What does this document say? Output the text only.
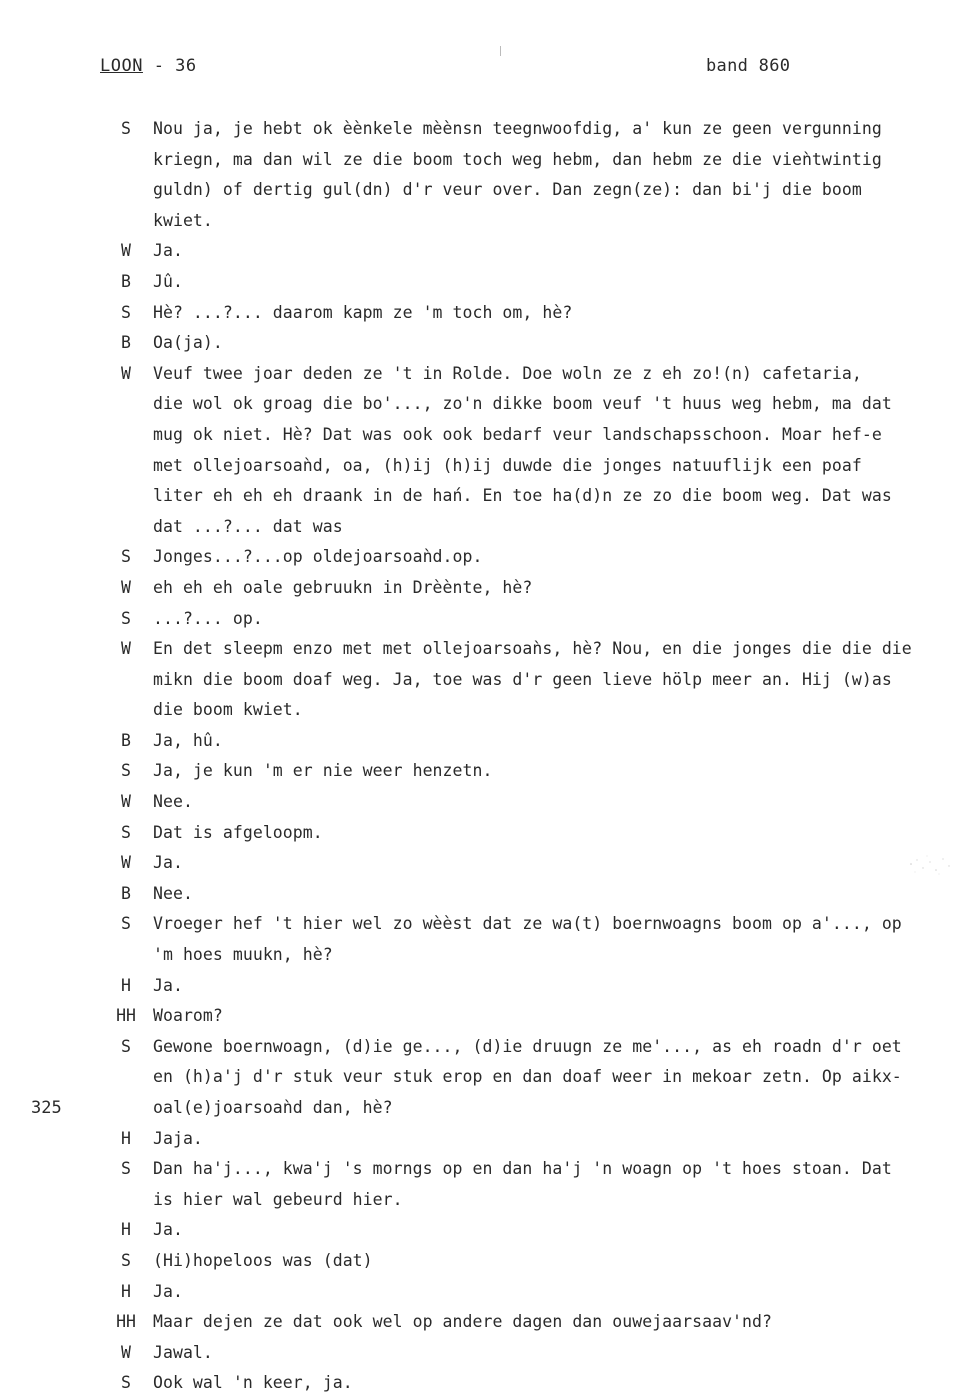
LOON - 36	band 860
325
S	Nou ja, je hebt ok èènkele mèènsn teegnwoofdig, a' kun ze geen vergunning
kriegn, ma dan wil ze die boom toch weg hebm, dan hebm ze die vieǹtwintig
guldn) of dertig gul(dn) d'r veur over. Dan zegn(ze): dan bi'j die boom
kwiet.
W	Ja.
B	Jû.
S	Hè? ...?... daarom kapm ze 'm toch om, hè?
B	Oa(ja).
W	Veuf twee joar deden ze 't in Rolde. Doe woln ze z eh zo!(n) cafetaria,
die wol ok groag die bo'..., zo'n dikke boom veuf 't huus weg hebm, ma dat
mug ok niet. Hè? Dat was ook ook bedarf veur landschapsschoon. Moar hef-e
met ollejoarsoaǹd, oa, (h)ij (h)ij duwde die jonges natuuflijk een poaf
liter eh eh eh draank in de hań. En toe ha(d)n ze zo die boom weg. Dat was
dat ...?... dat was
S	Jonges...?...op oldejoarsoaǹd.op.
W	eh eh eh oale gebruukn in Drèènte, hè?
S	...?... op.
W	En det sleepm enzo met met ollejoarsoaǹs, hè? Nou, en die jonges die die die
mikn die boom doaf weg. Ja, toe was d'r geen lieve hölp meer an. Hij (w)as
die boom kwiet.
B	Ja, hû.
S	Ja, je kun 'm er nie weer henzetn.
W	Nee.
S	Dat is afgeloopm.
W	Ja.
B	Nee.
S	Vroeger hef 't hier wel zo wèèst dat ze wa(t) boernwoagns boom op a'..., op
'm hoes muukn, hè?
H	Ja.
HH	Woarom?
S	Gewone boernwoagn, (d)ie ge..., (d)ie druugn ze me'..., as eh roadn d'r oet
en (h)a'j d'r stuk veur stuk erop en dan doaf weer in mekoar zetn. Op aikx-
oal(e)joarsoaǹd dan, hè?
H	Jaja.
S	Dan ha'j..., kwa'j 's morngs op en dan ha'j 'n woagn op 't hoes stoan. Dat
is hier wal gebeurd hier.
H	Ja.
S	(Hi)hopeloos was (dat)
H	Ja.
HH	Maar dejen ze dat ook wel op andere dagen dan ouwejaarsaav'nd?
W	Jawal.
S	Ook wal 'n keer, ja.
